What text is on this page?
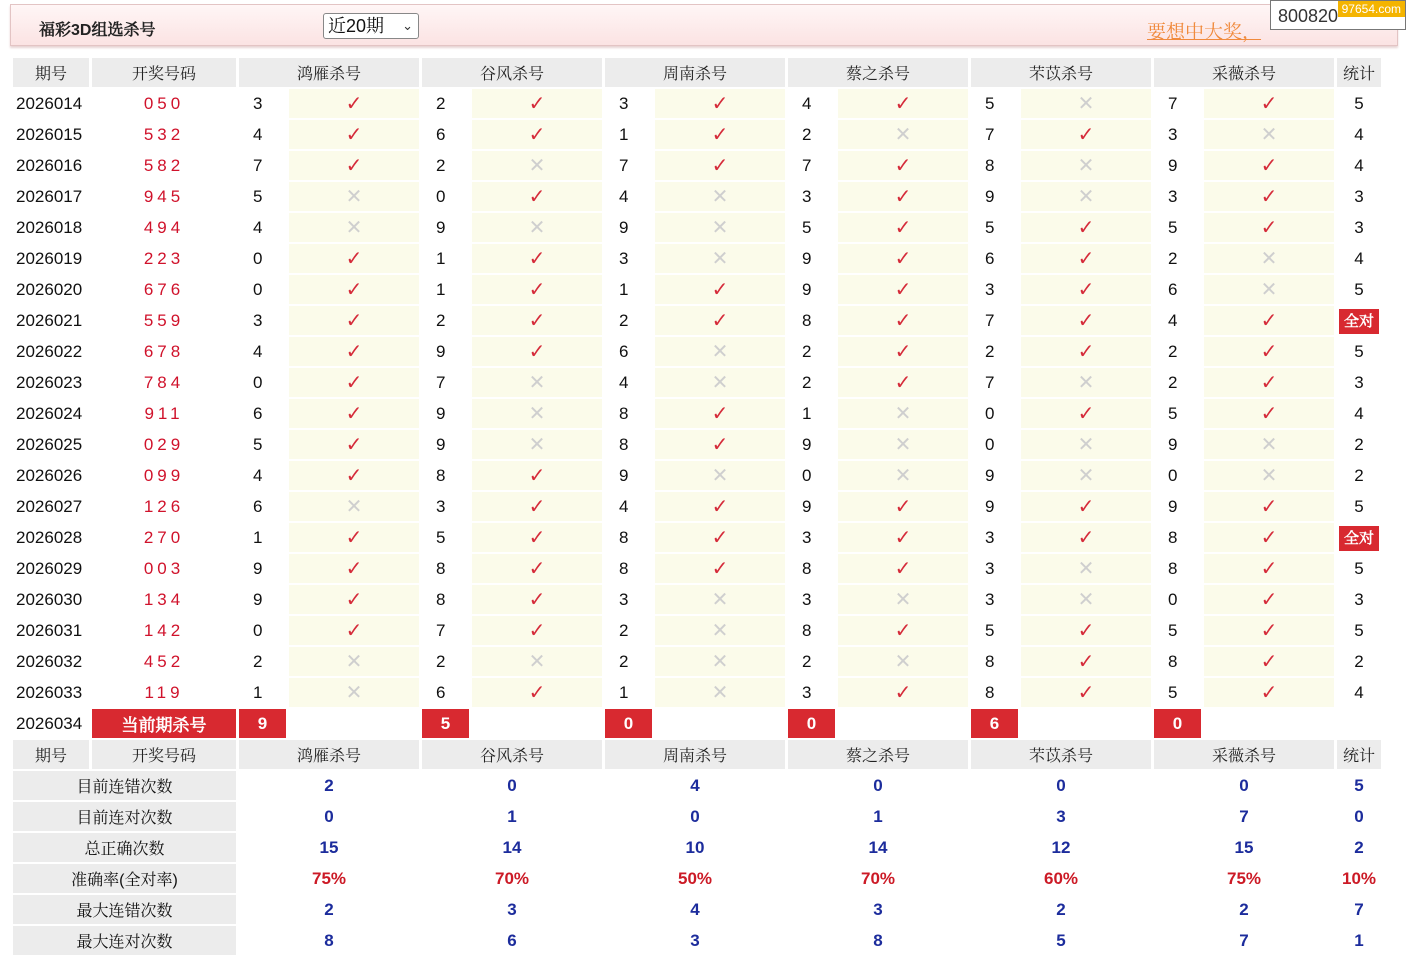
福彩3D组选杀号	近20期 ⌄	要想中大奖，
800820 97654.com
期号	开奖号码	鸿雁杀号		谷风杀号		周南杀号		蔡之杀号		芣苡杀号		采薇杀号		统计
2026014	050	3	✓	2	✓	3	✓	4	✓	5	✕	7	✓	5
2026015	532	4	✓	6	✓	1	✓	2	✕	7	✓	3	✕	4
2026016	582	7	✓	2	✕	7	✓	7	✓	8	✕	9	✓	4
2026017	945	5	✕	0	✓	4	✕	3	✓	9	✕	3	✓	3
2026018	494	4	✕	9	✕	9	✕	5	✓	5	✓	5	✓	3
2026019	223	0	✓	1	✓	3	✕	9	✓	6	✓	2	✕	4
2026020	676	0	✓	1	✓	1	✓	9	✓	3	✓	6	✕	5
2026021	559	3	✓	2	✓	2	✓	8	✓	7	✓	4	✓	全对
2026022	678	4	✓	9	✓	6	✕	2	✓	2	✓	2	✓	5
2026023	784	0	✓	7	✕	4	✕	2	✓	7	✕	2	✓	3
2026024	911	6	✓	9	✕	8	✓	1	✕	0	✓	5	✓	4
2026025	029	5	✓	9	✕	8	✓	9	✕	0	✕	9	✕	2
2026026	099	4	✓	8	✓	9	✕	0	✕	9	✕	0	✕	2
2026027	126	6	✕	3	✓	4	✓	9	✓	9	✓	9	✓	5
2026028	270	1	✓	5	✓	8	✓	3	✓	3	✓	8	✓	全对
2026029	003	9	✓	8	✓	8	✓	8	✓	3	✕	8	✓	5
2026030	134	9	✓	8	✓	3	✕	3	✕	3	✕	0	✓	3
2026031	142	0	✓	7	✓	2	✕	8	✓	5	✓	5	✓	5
2026032	452	2	✕	2	✕	2	✕	2	✕	8	✓	8	✓	2
2026033	119	1	✕	6	✓	1	✕	3	✓	8	✓	5	✓	4
2026034	当前期杀号	9		5		0		0		6		0		
期号	开奖号码	鸿雁杀号		谷风杀号		周南杀号		蔡之杀号		芣苡杀号		采薇杀号		统计
目前连错次数		2		0		4		0		0		0		5
目前连对次数		0		1		0		1		3		7		0
总正确次数		15		14		10		14		12		15		2
准确率(全对率)		75%		70%		50%		70%		60%		75%		10%
最大连错次数		2		3		4		3		2		2		7
最大连对次数		8		6		3		8		5		7		1
